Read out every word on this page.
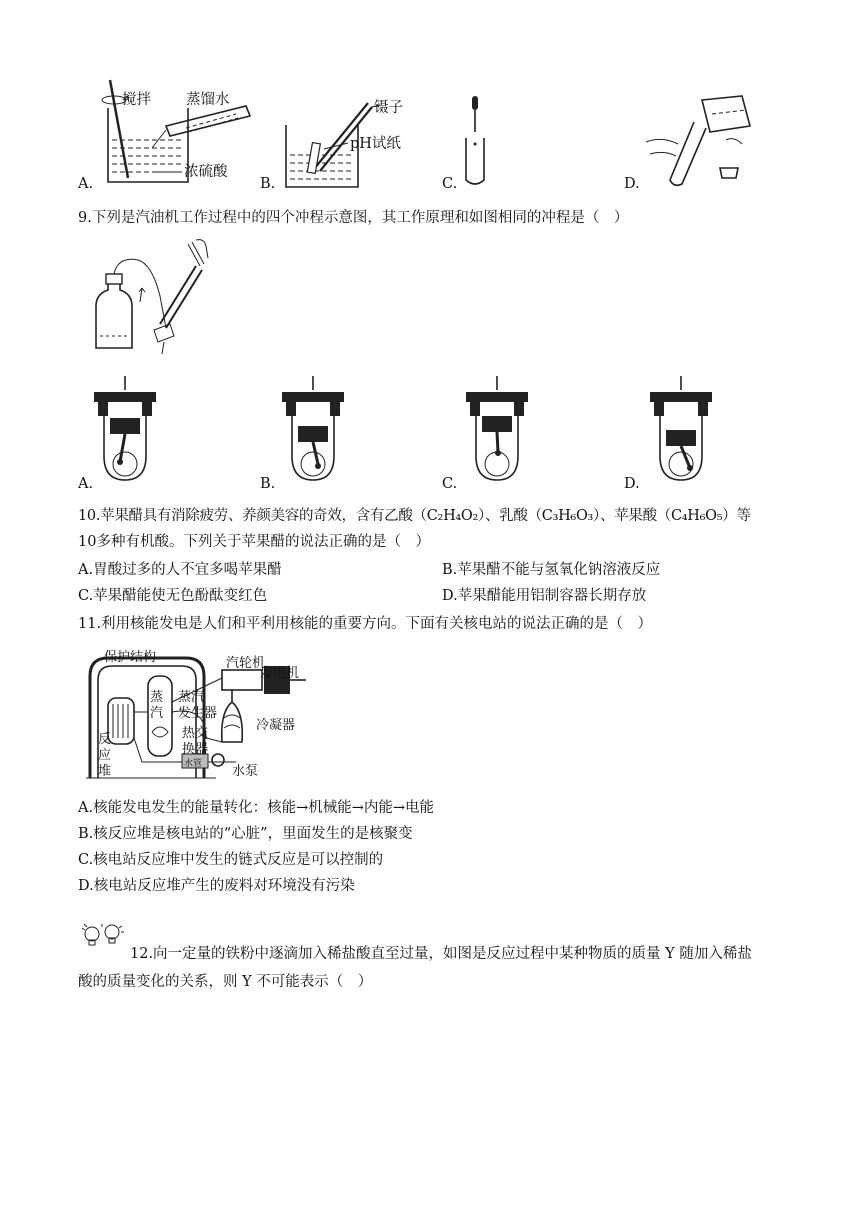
搅拌 蒸馏水
浓硫酸
A.
镊子
pH试纸
B.	C.	D.
9.下列是汽油机工作过程中的四个冲程示意图，其工作原理和如图相同的冲程是（　）
A.	B.	C.	D.
10.苹果醋具有消除疲劳、养颜美容的奇效，含有乙酸（C₂H₄O₂）、乳酸（C₃H₆O₃）、苹果酸（C₄H₆O₅）等
10多种有机酸。下列关于苹果醋的说法正确的是（　）
A.胃酸过多的人不宜多喝苹果醋	B.苹果醋不能与氢氧化钠溶液反应
C.苹果醋能使无色酚酞变红色	D.苹果醋能用铝制容器长期存放
11.利用核能发电是人们和平利用核能的重要方向。下面有关核电站的说法正确的是（　）
保护结构	汽轮机
发电机
蒸
汽
蒸汽
发生器
冷凝器
热交
换器
反
应
堆	水管 水泵
A.核能发电发生的能量转化：核能→机械能→内能→电能
B.核反应堆是核电站的“心脏”，里面发生的是核聚变
C.核电站反应堆中发生的链式反应是可以控制的
D.核电站反应堆产生的废料对环境没有污染
12.向一定量的铁粉中逐滴加入稀盐酸直至过量，如图是反应过程中某种物质的质量 Y 随加入稀盐
酸的质量变化的关系，则 Y 不可能表示（　）
